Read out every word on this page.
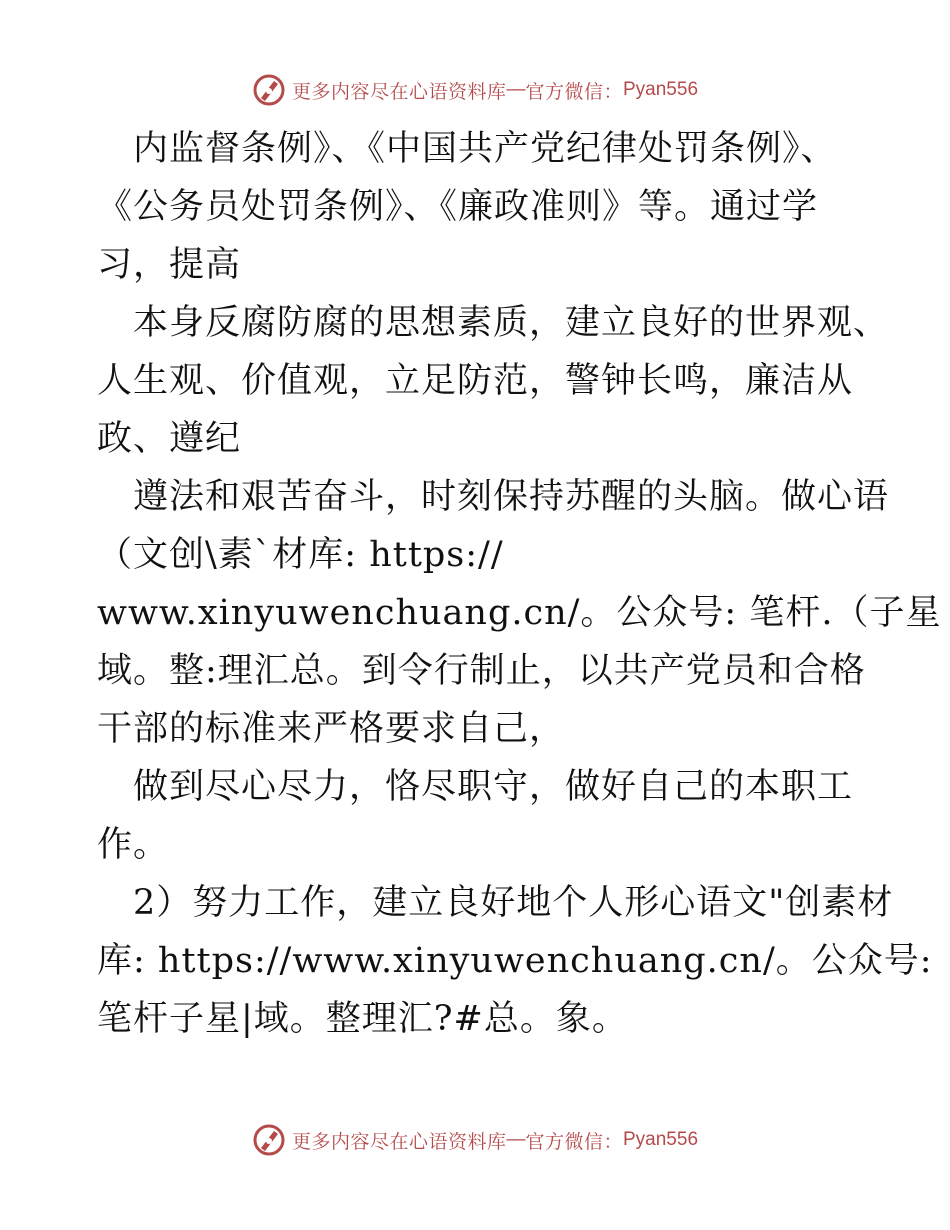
更多内容尽在心语资料库 — 官方微信： Pyan556
内监督条例》、《中国共产党纪律处罚条例》、
《公务员处罚条例》、《廉政准则》等。通过学
习，提高
本身反腐防腐的思想素质，建立良好的世界观、
人生观、价值观，立足防范，警钟长鸣，廉洁从
政、遵纪
遵法和艰苦奋斗，时刻保持苏醒的头脑。做心语
（文创\素`材库: https://
www.xinyuwenchuang.cn/。公众号: 笔杆.（子星
域。整:理汇总。到令行制止，以共产党员和合格
干部的标准来严格要求自己，
做到尽心尽力，恪尽职守，做好自己的本职工
作。
2）努力工作，建立良好地个人形心语文"创素材
库: https://www.xinyuwenchuang.cn/。公众号:
笔杆子星|域。整理汇?#总。象。
更多内容尽在心语资料库 — 官方微信： Pyan556
